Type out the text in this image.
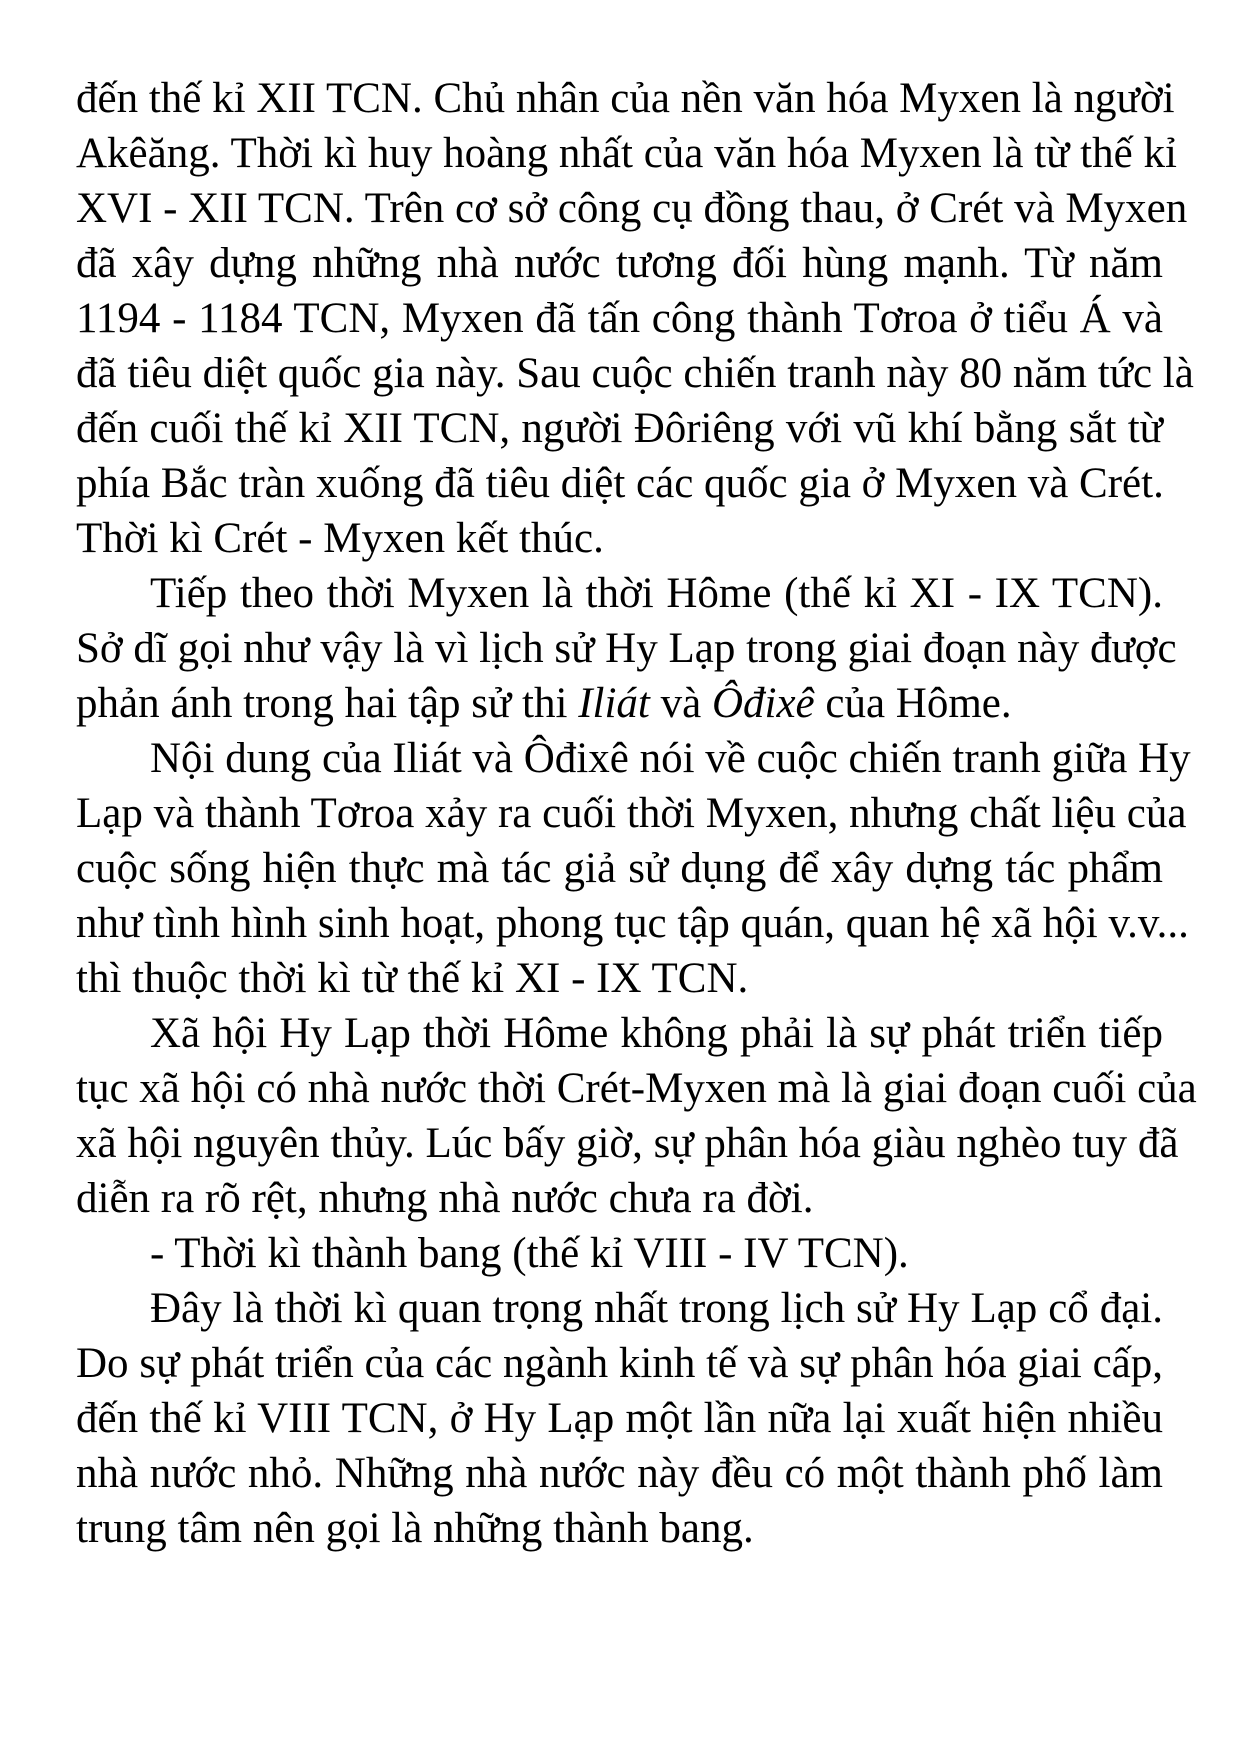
đến thế kỉ XII TCN. Chủ nhân của nền văn hóa Myxen là người
Akêăng. Thời kì huy hoàng nhất của văn hóa Myxen là từ thế kỉ
XVI - XII TCN. Trên cơ sở công cụ đồng thau, ở Crét và Myxen
đã xây dựng những nhà nước tương đối hùng mạnh. Từ năm
1194 - 1184 TCN, Myxen đã tấn công thành Tơroa ở tiểu Á và
đã tiêu diệt quốc gia này. Sau cuộc chiến tranh này 80 năm tức là
đến cuối thế kỉ XII TCN, người Đôriêng với vũ khí bằng sắt từ
phía Bắc tràn xuống đã tiêu diệt các quốc gia ở Myxen và Crét.
Thời kì Crét - Myxen kết thúc.
Tiếp theo thời Myxen là thời Hôme (thế kỉ XI - IX TCN).
Sở dĩ gọi như vậy là vì lịch sử Hy Lạp trong giai đoạn này được
phản ánh trong hai tập sử thi Iliát và Ôđixê của Hôme.
Nội dung của Iliát và Ôđixê nói về cuộc chiến tranh giữa Hy
Lạp và thành Tơroa xảy ra cuối thời Myxen, nhưng chất liệu của
cuộc sống hiện thực mà tác giả sử dụng để xây dựng tác phẩm
như tình hình sinh hoạt, phong tục tập quán, quan hệ xã hội v.v...
thì thuộc thời kì từ thế kỉ XI - IX TCN.
Xã hội Hy Lạp thời Hôme không phải là sự phát triển tiếp
tục xã hội có nhà nước thời Crét-Myxen mà là giai đoạn cuối của
xã hội nguyên thủy. Lúc bấy giờ, sự phân hóa giàu nghèo tuy đã
diễn ra rõ rệt, nhưng nhà nước chưa ra đời.
- Thời kì thành bang (thế kỉ VIII - IV TCN).
Đây là thời kì quan trọng nhất trong lịch sử Hy Lạp cổ đại.
Do sự phát triển của các ngành kinh tế và sự phân hóa giai cấp,
đến thế kỉ VIII TCN, ở Hy Lạp một lần nữa lại xuất hiện nhiều
nhà nước nhỏ. Những nhà nước này đều có một thành phố làm
trung tâm nên gọi là những thành bang.
